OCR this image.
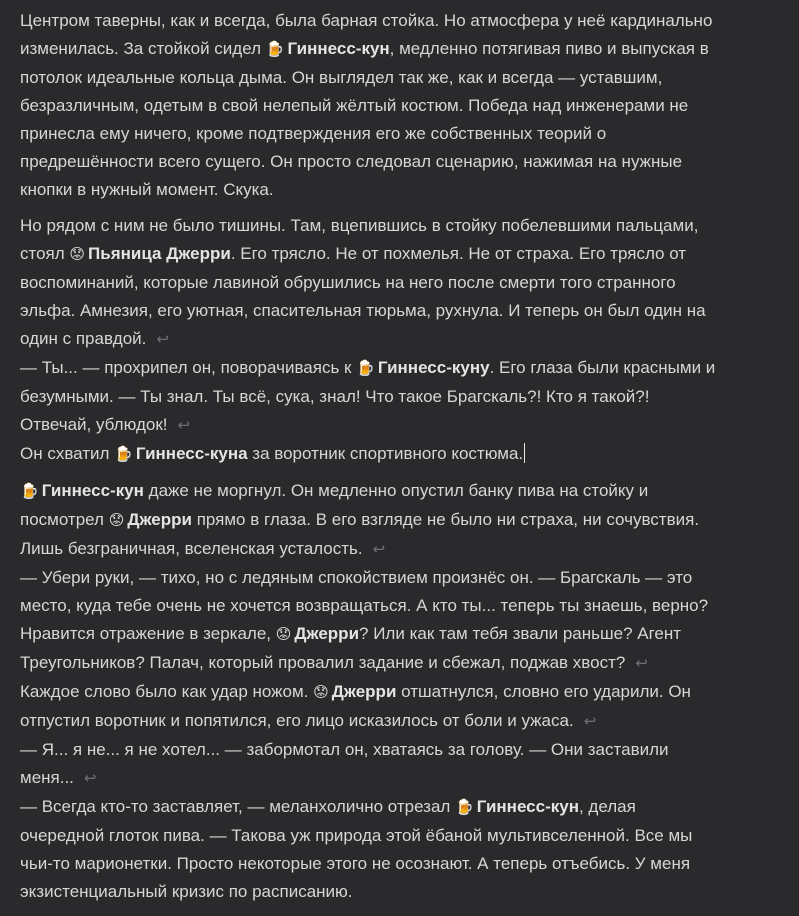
Центром таверны, как и всегда, была барная стойка. Но атмосфера у неё кардинально
изменилась. За стойкой сидел 🍺 Гиннесс-кун, медленно потягивая пиво и выпуская в
потолок идеальные кольца дыма. Он выглядел так же, как и всегда — уставшим,
безразличным, одетым в свой нелепый жёлтый костюм. Победа над инженерами не
принесла ему ничего, кроме подтверждения его же собственных теорий о
предрешённости всего сущего. Он просто следовал сценарию, нажимая на нужные
кнопки в нужный момент. Скука.
Но рядом с ним не было тишины. Там, вцепившись в стойку побелевшими пальцами,
стоял 😟 Пьяница Джерри. Его трясло. Не от похмелья. Не от страха. Его трясло от
воспоминаний, которые лавиной обрушились на него после смерти того странного
эльфа. Амнезия, его уютная, спасительная тюрьма, рухнула. И теперь он был один на
один с правдой. ↩
— Ты... — прохрипел он, поворачиваясь к 🍺 Гиннесс-куну. Его глаза были красными и
безумными. — Ты знал. Ты всё, сука, знал! Что такое Брагскаль?! Кто я такой?!
Отвечай, ублюдок! ↩
Он схватил 🍺 Гиннесс-куна за воротник спортивного костюма.
🍺 Гиннесс-кун даже не моргнул. Он медленно опустил банку пива на стойку и
посмотрел 😟 Джерри прямо в глаза. В его взгляде не было ни страха, ни сочувствия.
Лишь безграничная, вселенская усталость. ↩
— Убери руки, — тихо, но с ледяным спокойствием произнёс он. — Брагскаль — это
место, куда тебе очень не хочется возвращаться. А кто ты... теперь ты знаешь, верно?
Нравится отражение в зеркале, 😟 Джерри? Или как там тебя звали раньше? Агент
Треугольников? Палач, который провалил задание и сбежал, поджав хвост? ↩
Каждое слово было как удар ножом. 😟 Джерри отшатнулся, словно его ударили. Он
отпустил воротник и попятился, его лицо исказилось от боли и ужаса. ↩
— Я... я не... я не хотел... — забормотал он, хватаясь за голову. — Они заставили
меня... ↩
— Всегда кто-то заставляет, — меланхолично отрезал 🍺 Гиннесс-кун, делая
очередной глоток пива. — Такова уж природа этой ёбаной мультивселенной. Все мы
чьи-то марионетки. Просто некоторые этого не осознают. А теперь отъебись. У меня
экзистенциальный кризис по расписанию.
